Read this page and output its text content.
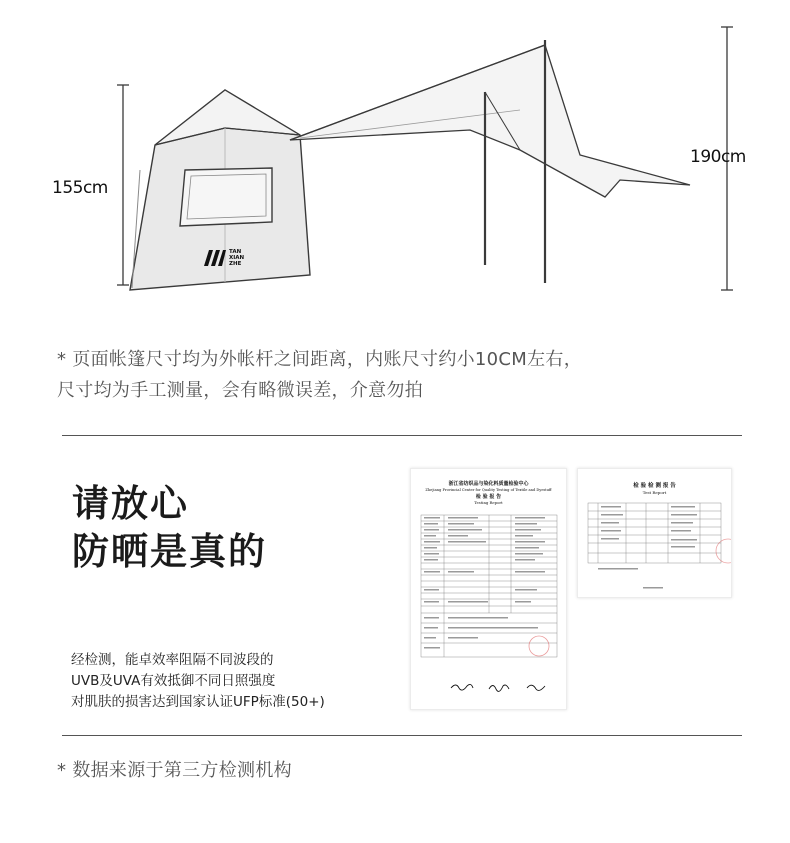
TAN
XIAN
ZHE
155cm
190cm
* 页面帐篷尺寸均为外帐杆之间距离，内账尺寸约小10CM左右，
尺寸均为手工测量，会有略微误差，介意勿拍
请放心
防晒是真的
经检测，能卓效率阻隔不同波段的
UVB及UVA有效抵御不同日照强度
对肌肤的损害达到国家认证UFP标准(50+)
浙江省纺织品与染化料质量检验中心
Zhejiang Provincial Center for Quality Testing of Textile and Dyestuff
检 验 报 告
Testing Report
检 验 检 测 报 告
Test Report
* 数据来源于第三方检测机构
